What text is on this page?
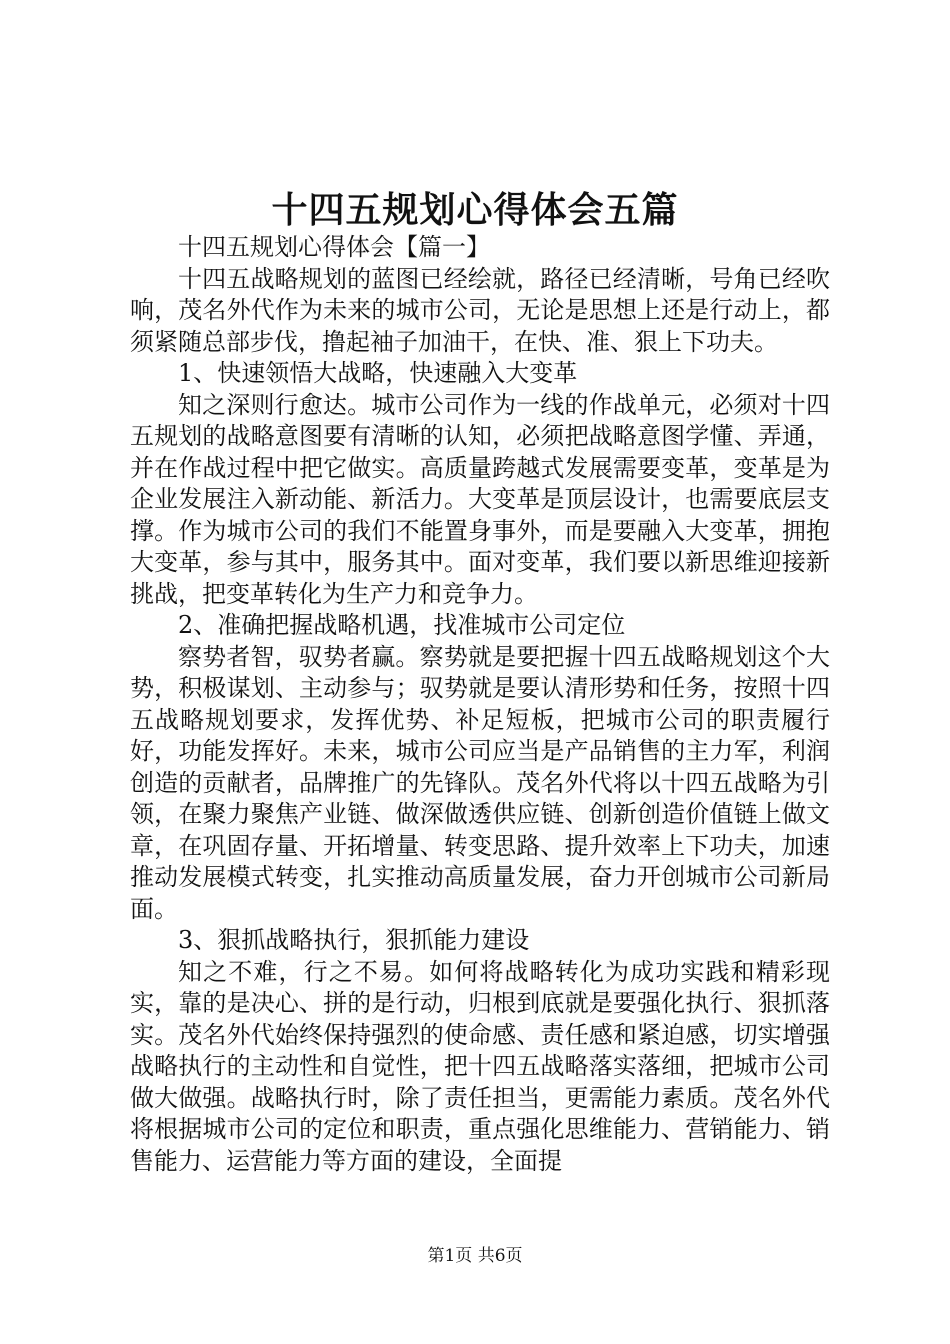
十四五规划心得体会五篇

十四五规划心得体会【篇一】

十四五战略规划的蓝图已经绘就，路径已经清晰，号角已经吹响，茂名外代作为未来的城市公司，无论是思想上还是行动上，都须紧随总部步伐，撸起袖子加油干，在快、准、狠上下功夫。

1、快速领悟大战略，快速融入大变革

知之深则行愈达。城市公司作为一线的作战单元，必须对十四五规划的战略意图要有清晰的认知，必须把战略意图学懂、弄通，并在作战过程中把它做实。高质量跨越式发展需要变革，变革是为企业发展注入新动能、新活力。大变革是顶层设计，也需要底层支撑。作为城市公司的我们不能置身事外，而是要融入大变革，拥抱大变革，参与其中，服务其中。面对变革，我们要以新思维迎接新挑战，把变革转化为生产力和竞争力。

2、准确把握战略机遇，找准城市公司定位

察势者智，驭势者赢。察势就是要把握十四五战略规划这个大势，积极谋划、主动参与；驭势就是要认清形势和任务，按照十四五战略规划要求，发挥优势、补足短板，把城市公司的职责履行好，功能发挥好。未来，城市公司应当是产品销售的主力军，利润创造的贡献者，品牌推广的先锋队。茂名外代将以十四五战略为引领，在聚力聚焦产业链、做深做透供应链、创新创造价值链上做文章，在巩固存量、开拓增量、转变思路、提升效率上下功夫，加速推动发展模式转变，扎实推动高质量发展，奋力开创城市公司新局面。

3、狠抓战略执行，狠抓能力建设

知之不难，行之不易。如何将战略转化为成功实践和精彩现实，靠的是决心、拼的是行动，归根到底就是要强化执行、狠抓落实。茂名外代始终保持强烈的使命感、责任感和紧迫感，切实增强战略执行的主动性和自觉性，把十四五战略落实落细，把城市公司做大做强。战略执行时，除了责任担当，更需能力素质。茂名外代将根据城市公司的定位和职责，重点强化思维能力、营销能力、销售能力、运营能力等方面的建设，全面提

第1页 共6页
